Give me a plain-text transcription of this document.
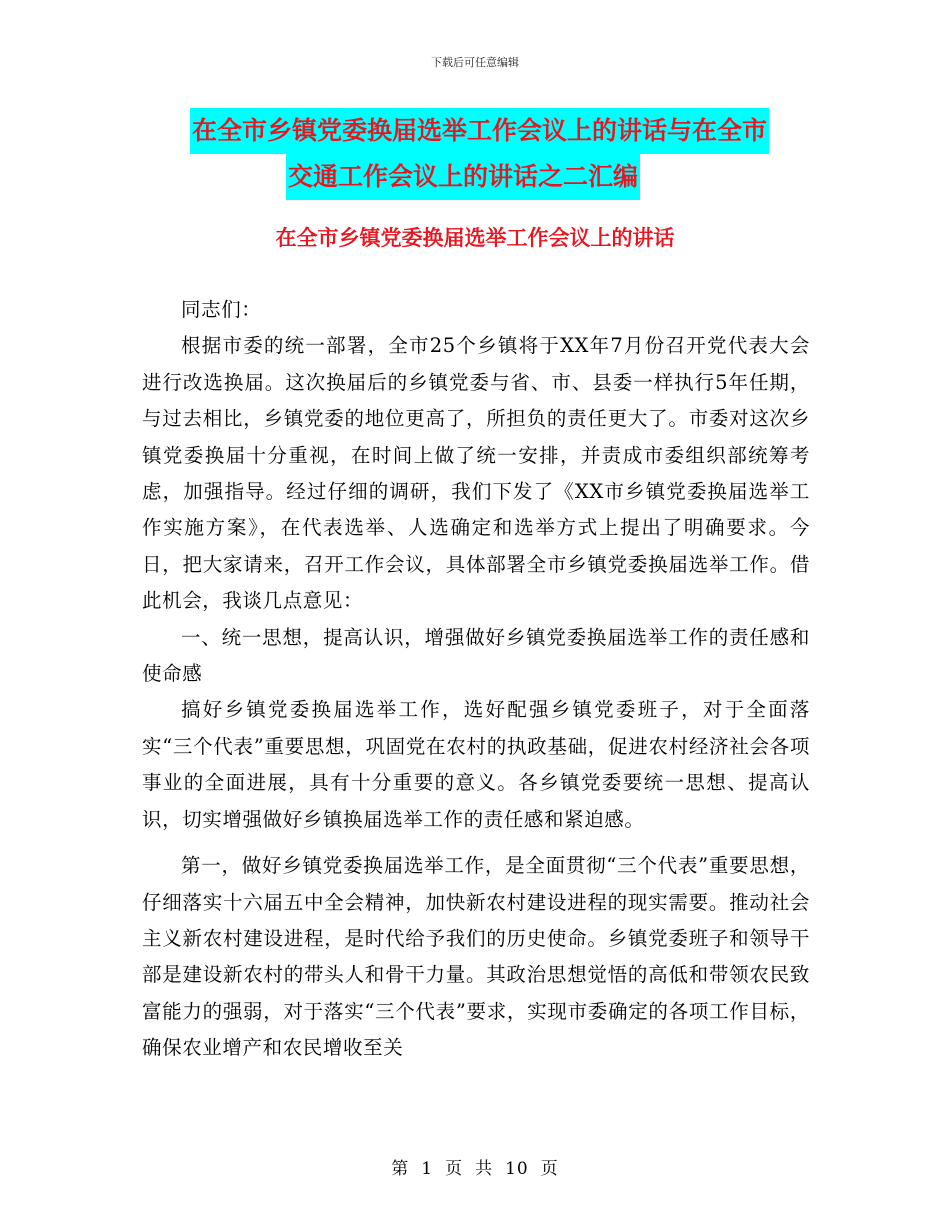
下载后可任意编辑
在全市乡镇党委换届选举工作会议上的讲话与在全市
交通工作会议上的讲话之二汇编
在全市乡镇党委换届选举工作会议上的讲话

同志们：

根据市委的统一部署，全市25个乡镇将于XX年7月份召开党代表大会进行改选换届。这次换届后的乡镇党委与省、市、县委一样执行5年任期，与过去相比，乡镇党委的地位更高了，所担负的责任更大了。市委对这次乡镇党委换届十分重视，在时间上做了统一安排，并责成市委组织部统筹考虑，加强指导。经过仔细的调研，我们下发了《XX市乡镇党委换届选举工作实施方案》，在代表选举、人选确定和选举方式上提出了明确要求。今日，把大家请来，召开工作会议，具体部署全市乡镇党委换届选举工作。借此机会，我谈几点意见：

一、统一思想，提高认识，增强做好乡镇党委换届选举工作的责任感和使命感

搞好乡镇党委换届选举工作，选好配强乡镇党委班子，对于全面落实“三个代表”重要思想，巩固党在农村的执政基础，促进农村经济社会各项事业的全面进展，具有十分重要的意义。各乡镇党委要统一思想、提高认识，切实增强做好乡镇换届选举工作的责任感和紧迫感。

第一，做好乡镇党委换届选举工作，是全面贯彻“三个代表”重要思想，仔细落实十六届五中全会精神，加快新农村建设进程的现实需要。推动社会主义新农村建设进程，是时代给予我们的历史使命。乡镇党委班子和领导干部是建设新农村的带头人和骨干力量。其政治思想觉悟的高低和带领农民致富能力的强弱，对于落实“三个代表”要求，实现市委确定的各项工作目标，确保农业增产和农民增收至关

第 1 页 共 10 页
